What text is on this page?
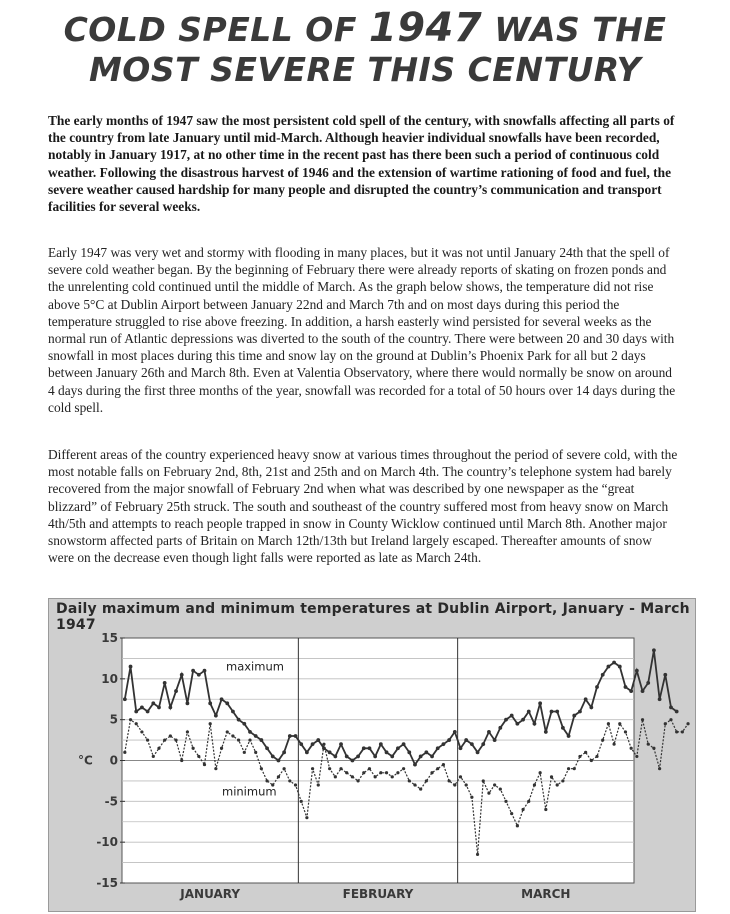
COLD SPELL OF 1947 WAS THE
MOST SEVERE THIS CENTURY

The early months of 1947 saw the most persistent cold spell of the century, with snowfalls affecting all parts of the country from late January until mid-March. Although heavier individual snowfalls have been recorded, notably in January 1917, at no other time in the recent past has there been such a period of continuous cold weather. Following the disastrous harvest of 1946 and the extension of wartime rationing of food and fuel, the severe weather caused hardship for many people and disrupted the country’s communication and transport facilities for several weeks.

Early 1947 was very wet and stormy with flooding in many places, but it was not until January 24th that the spell of severe cold weather began. By the beginning of February there were already reports of skating on frozen ponds and the unrelenting cold continued until the middle of March. As the graph below shows, the temperature did not rise above 5°C at Dublin Airport between January 22nd and March 7th and on most days during this period the temperature struggled to rise above freezing. In addition, a harsh easterly wind persisted for several weeks as the normal run of Atlantic depressions was diverted to the south of the country. There were between 20 and 30 days with snowfall in most places during this time and snow lay on the ground at Dublin’s Phoenix Park for all but 2 days between January 26th and March 8th. Even at Valentia Observatory, where there would normally be snow on around 4 days during the first three months of the year, snowfall was recorded for a total of 50 hours over 14 days during the cold spell.

Different areas of the country experienced heavy snow at various times throughout the period of severe cold, with the most notable falls on February 2nd, 8th, 21st and 25th and on March 4th. The country’s telephone system had barely recovered from the major snowfall of February 2nd when what was described by one newspaper as the “great blizzard” of February 25th struck. The south and southeast of the country suffered most from heavy snow on March 4th/5th and attempts to reach people trapped in snow in County Wicklow continued until March 8th. Another major snowstorm affected parts of Britain on March 12th/13th but Ireland largely escaped. Thereafter amounts of snow were on the decrease even though light falls were reported as late as March 24th.

Daily maximum and minimum temperatures at Dublin Airport, January - March 1947

JANUARY	FEBRUARY	MARCH
15
10
5
0
-5
-10
-15
°C
maximum
minimum
